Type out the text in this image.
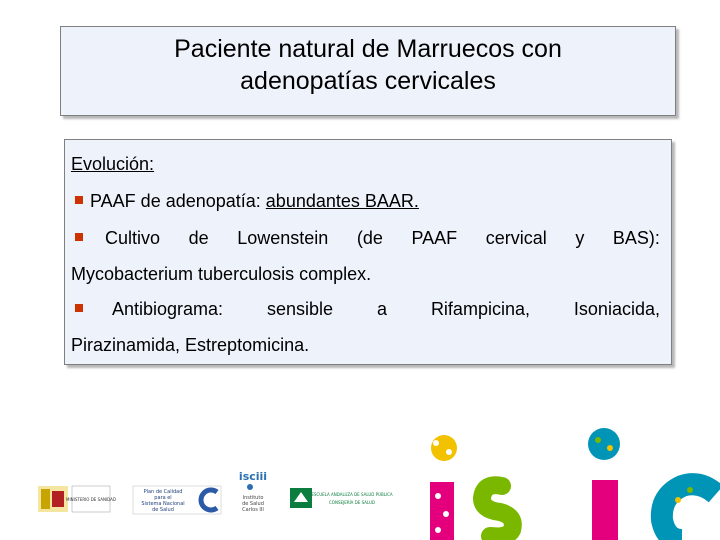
Paciente natural de Marruecos con
adenopatías cervicales
Evolución:
PAAF de adenopatía: abundantes BAAR.
Cultivo de Lowenstein (de PAAF cervical y BAS):
Mycobacterium tuberculosis complex.
Antibiograma: sensible a Rifampicina, Isoniacida,
Pirazinamida, Estreptomicina.
MINISTERIO DE SANIDAD
Plan de Calidad
para el
Sistema Nacional
de Salud
isciii
Instituto
de Salud
Carlos III
ESCUELA ANDALUZA DE SALUD PÚBLICA
CONSEJERÍA DE SALUD
